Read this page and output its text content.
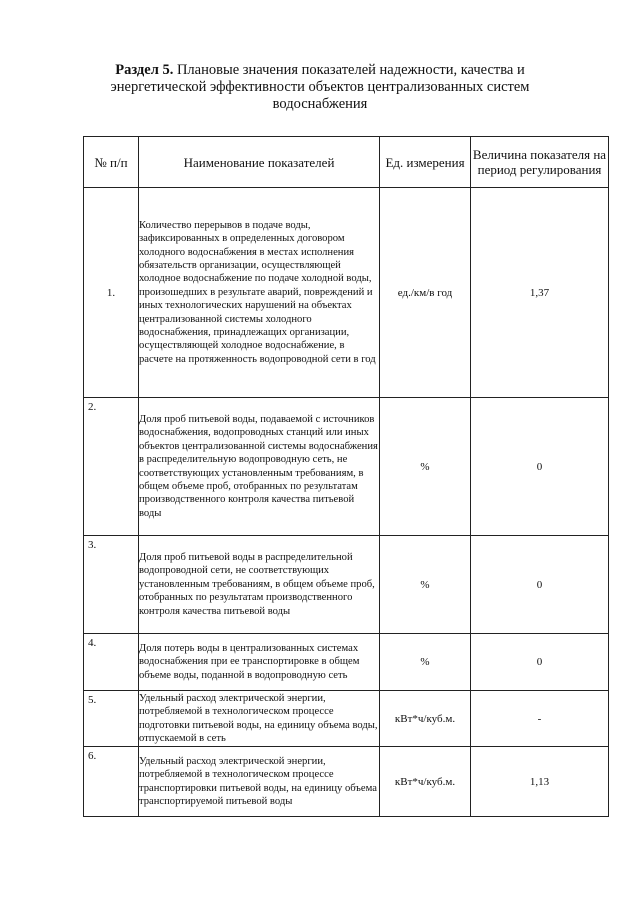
Раздел 5. Плановые значения показателей надежности, качества и энергетической эффективности объектов централизованных систем водоснабжения
№ п/п	Наименование показателей	Ед. измерения	Величина показателя на период регулирования
1.	Количество перерывов в подаче воды, зафиксированных в определенных договором холодного водоснабжения в местах исполнения обязательств организации, осуществляющей холодное водоснабжение по подаче холодной воды, произошедших в результате аварий, повреждений и иных технологических нарушений на объектах централизованной системы холодного водоснабжения, принадлежащих организации, осуществляющей холодное водоснабжение, в расчете на протяженность водопроводной сети в год	ед./км/в год	1,37
2.	Доля проб питьевой воды, подаваемой с источников водоснабжения, водопроводных станций или иных объектов централизованной системы водоснабжения в распределительную водопроводную сеть, не соответствующих установленным требованиям, в общем объеме проб, отобранных по результатам производственного контроля качества питьевой воды	%	0
3.	Доля проб питьевой воды в распределительной водопроводной сети, не соответствующих установленным требованиям, в общем объеме проб, отобранных по результатам производственного контроля качества питьевой воды	%	0
4.	Доля потерь воды в централизованных системах водоснабжения при ее транспортировке в общем объеме воды, поданной в водопроводную сеть	%	0
5.	Удельный расход электрической энергии, потребляемой в технологическом процессе подготовки питьевой воды, на единицу объема воды, отпускаемой в сеть	кВт*ч/куб.м.	-
6.	Удельный расход электрической энергии, потребляемой в технологическом процессе транспортировки питьевой воды, на единицу объема транспортируемой питьевой воды	кВт*ч/куб.м.	1,13
